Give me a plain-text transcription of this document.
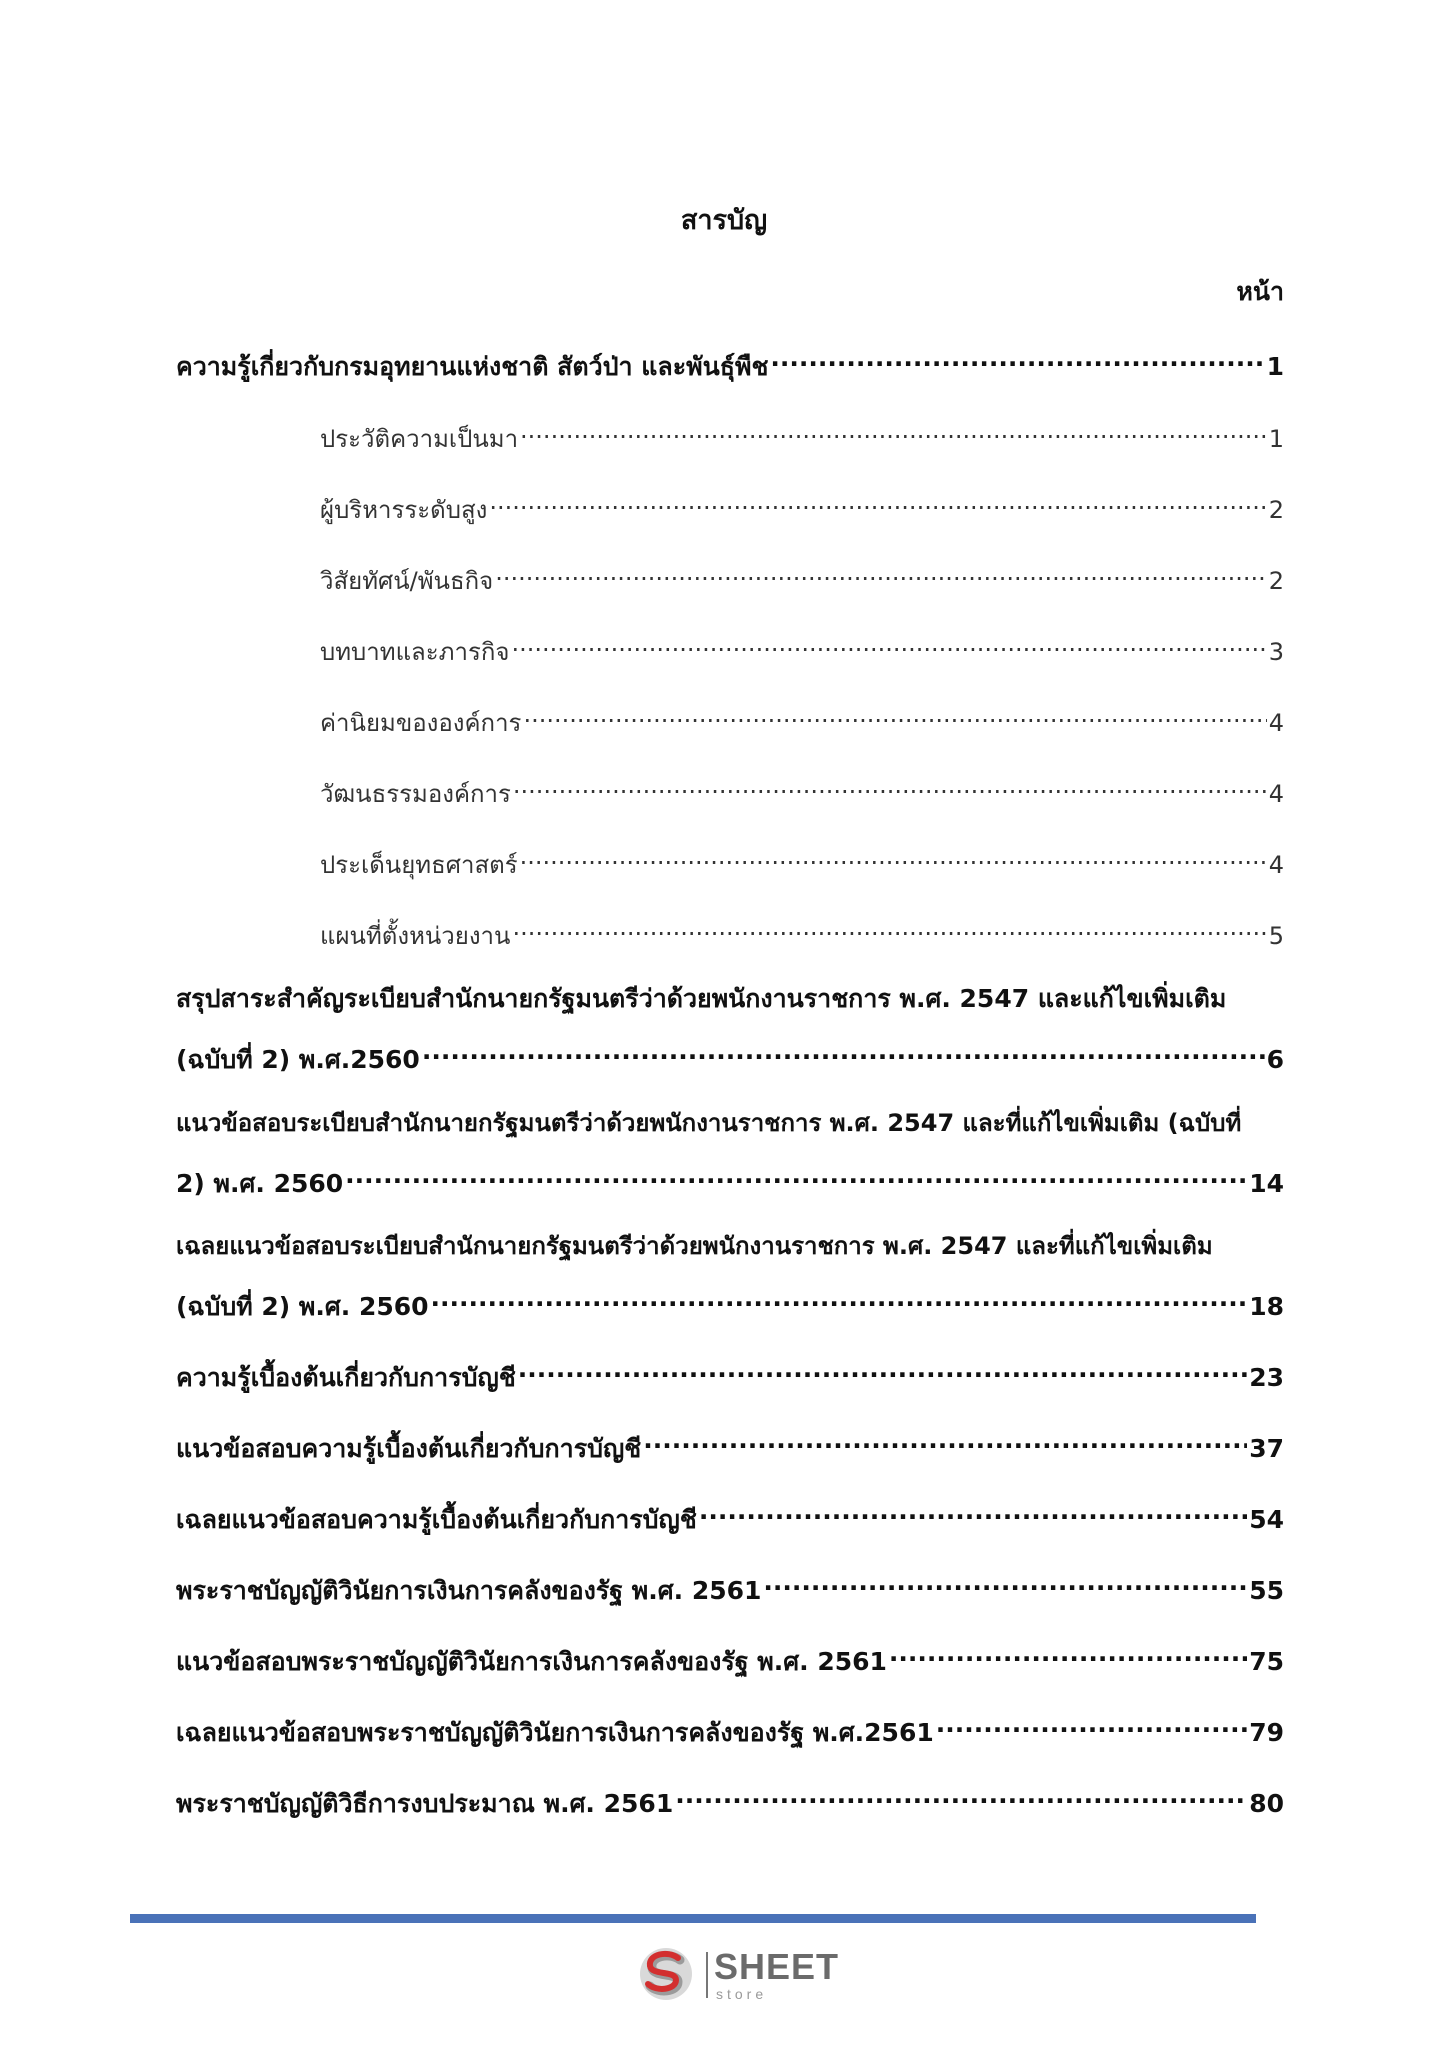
สารบัญ
หน้า
ความรู้เกี่ยวกับกรมอุทยานแห่งชาติ สัตว์ป่า และพันธุ์พืช .....	1
ประวัติความเป็นมา .....	1
ผู้บริหารระดับสูง .....	2
วิสัยทัศน์/พันธกิจ .....	2
บทบาทและภารกิจ .....	3
ค่านิยมขององค์การ .....	4
วัฒนธรรมองค์การ .....	4
ประเด็นยุทธศาสตร์ .....	4
แผนที่ตั้งหน่วยงาน .....	5
สรุปสาระสำคัญระเบียบสำนักนายกรัฐมนตรีว่าด้วยพนักงานราชการ พ.ศ. 2547 และแก้ไขเพิ่มเติม
(ฉบับที่ 2) พ.ศ.2560 .....	6
แนวข้อสอบระเบียบสำนักนายกรัฐมนตรีว่าด้วยพนักงานราชการ พ.ศ. 2547 และที่แก้ไขเพิ่มเติม (ฉบับที่
2) พ.ศ. 2560 .....	14
เฉลยแนวข้อสอบระเบียบสำนักนายกรัฐมนตรีว่าด้วยพนักงานราชการ พ.ศ. 2547 และที่แก้ไขเพิ่มเติม
(ฉบับที่ 2) พ.ศ. 2560 .....	18
ความรู้เบื้องต้นเกี่ยวกับการบัญชี .....	23
แนวข้อสอบความรู้เบื้องต้นเกี่ยวกับการบัญชี .....	37
เฉลยแนวข้อสอบความรู้เบื้องต้นเกี่ยวกับการบัญชี .....	54
พระราชบัญญัติวินัยการเงินการคลังของรัฐ พ.ศ. 2561 .....	55
แนวข้อสอบพระราชบัญญัติวินัยการเงินการคลังของรัฐ พ.ศ. 2561 .....	75
เฉลยแนวข้อสอบพระราชบัญญัติวินัยการเงินการคลังของรัฐ พ.ศ.2561 .....	79
พระราชบัญญัติวิธีการงบประมาณ พ.ศ. 2561 .....	80
SHEET
store
